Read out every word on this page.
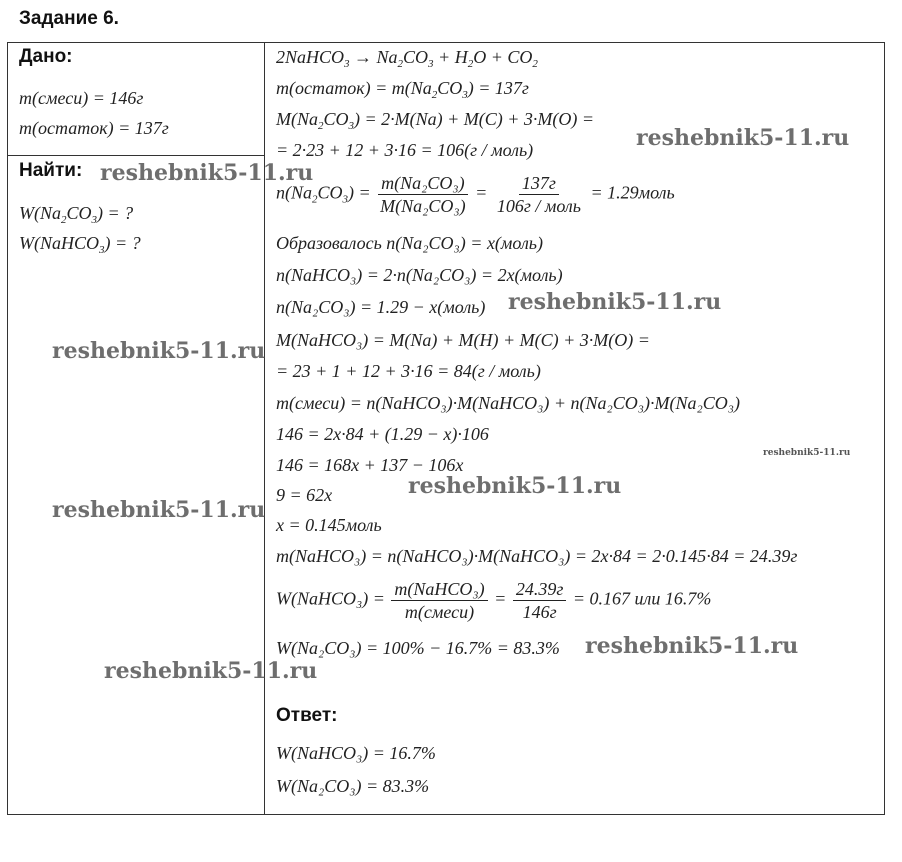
Задание 6.
Дано:
m(смеси) = 146г
m(остаток) = 137г
Найти:
$W(Na_2CO_3)$ = ?
W(NaHCO$_3$) = ?
2NaHCO$_3$ → $Na_2CO_3 + H_2O + CO_2$
m(остаток) = $m(Na_2CO_3) = 137г$
$M(Na_2CO_3) = 2\cdot M(Na) + M(C) + 3\cdot M(O)$ =
= 2·23 + 12 + 3·16 = 106(г / моль)
$n(Na_2CO_3) = \frac{\text{m(Na₂CO₃)}}{\text{M(Na₂CO₃)}} = \frac{137г}{\text{106г / моль}}$ = 1.29моль
Образовалось n(Na₂CO₃) = x(моль)
n(NaHCO₃) = 2·n(Na₂CO₃) = 2x(моль)
n(Na₂CO₃) = 1.29 − x(моль)
M(NaHCO₃) = M(Na) + M(H) + M(C) + 3·M(O) =
= 23 + 1 + 12 + 3·16 = 84(г / моль)
m(смеси) = n(NaHCO₃)·M(NaHCO₃) + n(Na₂CO₃)·M(Na₂CO₃)
146 = 2x·84 + (1.29 − x)·106
146 = 168x + 137 − 106x
9 = 62x
x = 0.145моль
m(NaHCO₃) = n(NaHCO₃)·M(NaHCO₃) = 2x·84 = 2·0.145·84 = 24.39г
W(NaHCO₃) = $\frac{\text{m(NaHCO₃)}}{\text{m(смеси)}} = \frac{24.39г}{146г} = 0.167$ или 16.7%
W(Na₂CO₃) = 100% − 16.7% = 83.3%
Ответ:
W(NaHCO₃) = 16.7%
W(Na₂CO₃) = 83.3%
reshebnik5-11.ru
reshebnik5-11.ru
reshebnik5-11.ru
reshebnik5-11.ru
reshebnik5-11.ru
reshebnik5-11.ru
reshebnik5-11.ru
reshebnik5-11.ru
reshebnik5-11.ru
